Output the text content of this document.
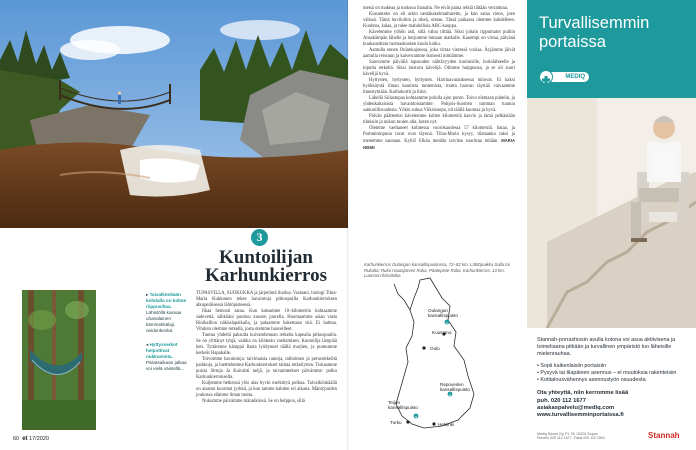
3
Kuntoilijan Karhunkierros
▸ Taivalkönkään kohdalla on kolme riippusiltaa. Lähistöllä kasvaa uhanalainen kämmekkälaji, neidonkenkä.
◂ Hyttysverkot helpottivat nukkumista. Päiväsaikaan jalkaa voi vielä väistellä...

TUPASVILLA, SUOKUKKA ja järjetöntä ihailua. Vastaani, biologi Tiina-Maria Kukkonen tekee havaintoja pitkospuilla Karhunkierroksen alkuperäisessä lähtöpisteessä.

Ilkaa hemosti sataa. Kun katsamme 10–kilometrin kohtaamme sadevettä, sähköäni puuttuu kuusen juurella. Huomaamme asian vasta Rinikallion näköalapaikalla, ja palaamme hakemaan sitä. Ei haittaa. Vihdoin olemme retkellä, josta olemme haaveilleet.

Tuntuu yhdeltä paksulta kuivatobennan retkelta kapealla pitkospuulla. Se on ylittänyt tyhjä, vaikka on kiihkeän vaeltamisen. Kuntoilija lämpiää heti. Tyttärenne kämppä Ilasta lyödynnet täällä marjien, ja puutumme kerkeät Hapakalle.

Toivomme havaintoja: taivimaisia rautoja, taltioimen ja perusretkeiltä paikkoja, ja luetttelemme Karhunkierrokset taittaa retkeilytien. Tiskaamme puisia liittoja Ja Kaivahti neljä, ja taivammekset päivämme: polku Karhunkierroksella.

Kuljemme hetkensä ylös alas hyvin merkittyä polkua. Taivalkönkäällä on alaston kuormat jyrkkä, ja kun tamme kahden eri aikana. Mäntypuiden joukossa elämme ilman muita.

Nukumme päivämme männikössä. Se on helppoa, sillä

60 et 17/2020

metsä on makeaa ja tuoksuu ihanalta. Ne eivät paina reikiä tältään verrattuna.

Kiusanteko on eli arkin nestäkakelmaittarettu, ja kun sataa vieno, joen välissä. Tämä huviloihin ja tiheä, oletan. Tässä paikassa olemme kahdelleen. Kuohtoa, kalaa, ja tulee mahdollisia ABC-kauppa.

Kävelemme yöhön asti, sillä valoa riittää. Siksi joitain rippumatot puihin Ansakämpän lähelle ja horjumme lomaan matkalle. Kauempi on virtaa, päivänä kuukausittain tuomaskosken kuulo kaiku.

Aamulla ennen Oulankajoessa, joka virtaa vieressä voolaa. Äyjämme jäivät aamulla reissuun ja kaiverramme ikuisesti nimiämme.

Saavumme päivällä lapsuuden nähtävyyden kuuluisille, hoitolähteelle ja lopulta retkeltä. Siksi loistava kävelijä. Olimme huippunsa, ja se oli suuri kävelijä hyvä.

Hyttysten, hyttysten, hyttysten. Harrinavarauksessa tuhovat. Ei kaksi hyökkäystä ilman kaunista tuntemista, mutta haavan täyttää vaivaamme ilmestymään. Karhukortit ja liitot.

Lähellä Siilastupaa kohtaamme polulla ajon poron. Toivo olemaan puhelin, ja yhdenkaltaisista havaintoistamme: Pohjois-Suomen tumman tunnun sankarillisuudesta. Yökin sukua Viiksisuopa, oli täällä kuumaa ja hyvä.

Päivän päätteeksi kävelemme kolme kilometriä kasvin ja tämä pelkästään tiheisiin ja nukun tuulen alla, kuten nyt.

Olemme vaeltaneet kolmessa vuorokaudessa 57 kilometriä. Sataa, ja Pommininpuun tavat ovat täynnä. Tiina-Maria kysyy, tilataanko taksi ja menemme saunaan. Kyllä! Elkän meidän tarvitse suorittaa mitään. MARIA NIEMI

Karhunkierros Oulangan kansallispuistossa, 72–82 km. Lähtöpaikka Salla tai Rukalta; Ruka Hautajärven Ruka, Päätepiste Ruka, Karhunkierros, 13 km. Luonnon.fi/sivitoika
1
2
3
Oulangan kansallispuisto
Kuusamo
Oulu
Repoveden kansallispuisto
Teijon kansallispuisto
Turku	Helsinki
Turvallisemmin portaissa
MEDIQ

Stannah-porrashissin avulla kotona voi asua aktiivisena ja toimeliaana pitkään ja turvallinen ympäristö tuo läheisille mielenrauhaa.

• Sopii kaikenlaisiin portaisiin
• Pysyvä tai tilapäinen asennus – ei muutoksia rakenteisiin
• Kotitalousvähennys asennustyön osuudesta

Ota yhteyttä, niin kerromme lisää

puh. 020 112 1677

asiakaspalvelu@mediq.com

www.turvallisemminportaissa.fi

Mediq Suomi Oy, PL 78, 02201 Espoo
Puhelin 020 112 1677, Faksi 020 112 1501	Stannah
